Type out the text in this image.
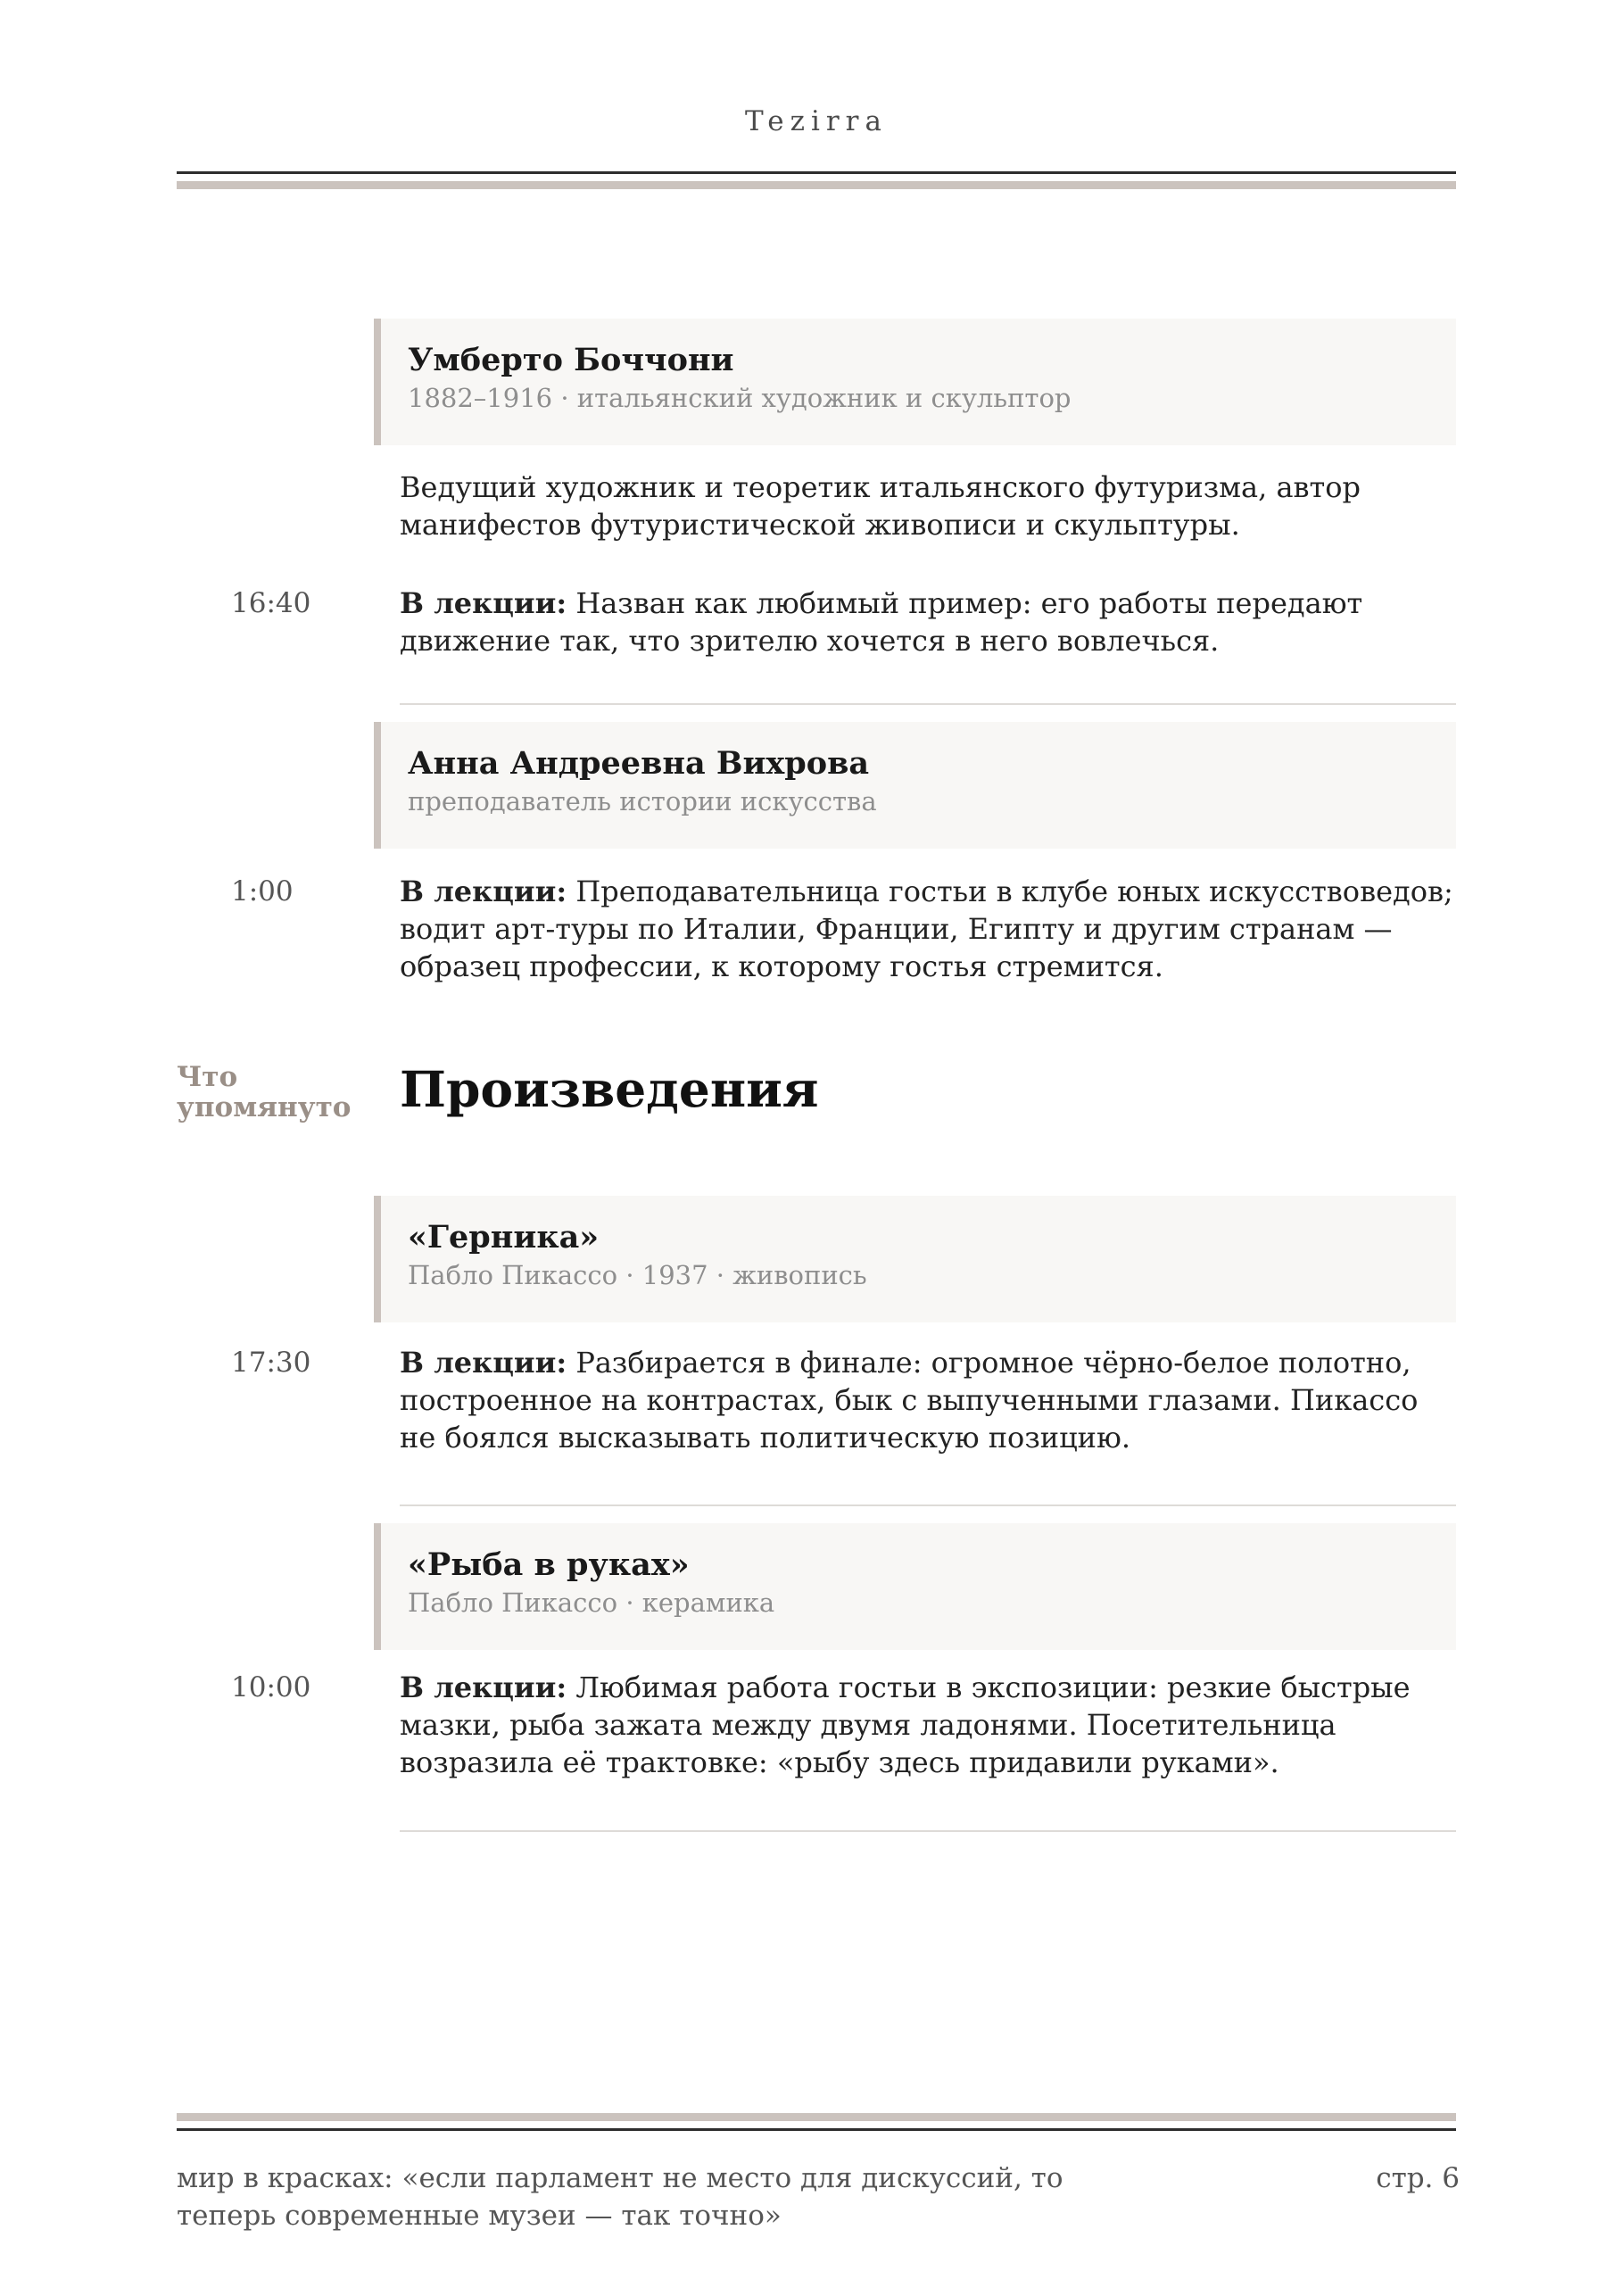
Tezirra
Умберто Боччони
1882–1916 · итальянский художник и скульптор
Ведущий художник и теоретик итальянского футуризма, автор манифестов футуристической живописи и скульптуры.
16:40	В лекции: Назван как любимый пример: его работы передают движение так, что зрителю хочется в него вовлечься.
Анна Андреевна Вихрова
преподаватель истории искусства
1:00	В лекции: Преподавательница гостьи в клубе юных искусствоведов; водит арт-туры по Италии, Франции, Египту и другим странам — образец профессии, к которому гостья стремится.
Что упомянуто Произведения
«Герника»
Пабло Пикассо · 1937 · живопись
17:30	В лекции: Разбирается в финале: огромное чёрно-белое полотно, построенное на контрастах, бык с выпученными глазами. Пикассо не боялся высказывать политическую позицию.
«Рыба в руках»
Пабло Пикассо · керамика
10:00	В лекции: Любимая работа гостьи в экспозиции: резкие быстрые мазки, рыба зажата между двумя ладонями. Посетительница возразила её трактовке: «рыбу здесь придавили руками».
мир в красках: «если парламент не место для дискуссий, то теперь современные музеи — так точно»
стр. 6
